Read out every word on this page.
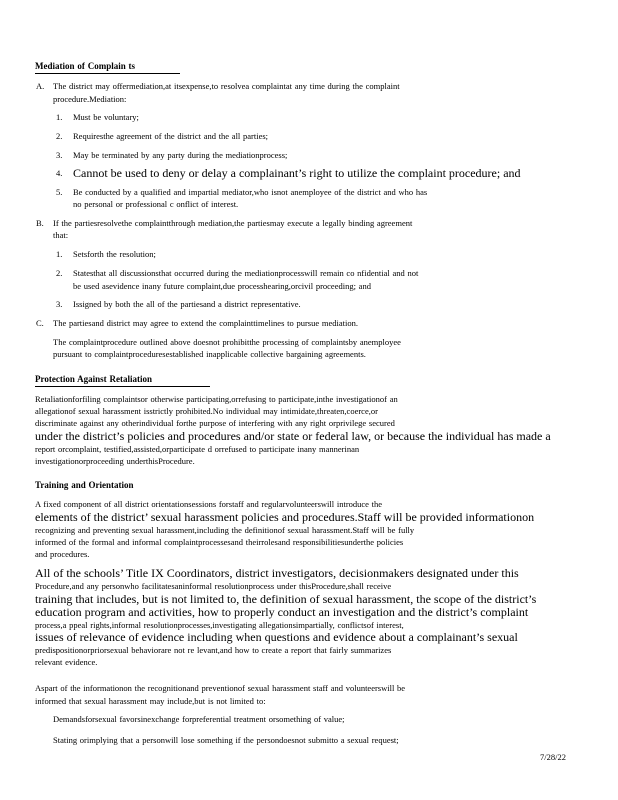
Mediation of Complain ts
A. The district may offermediation,at itsexpense,to resolvea complaintat any time during the complaint
procedure.Mediation:
1. Must be voluntary;
2. Requiresthe agreement of the district and the all parties;
3. May be terminated by any party during the mediationprocess;
4. Cannot be used to deny or delay a complainant’s right to utilize the complaint procedure; and
5. Be conducted by a qualified and impartial mediator,who isnot anemployee of the district and who has
no personal or professional c onflict of interest.
B. If the partiesresolvethe complaintthrough mediation,the partiesmay execute a legally binding agreement
that:
1. Setsforth the resolution;
2. Statesthat all discussionsthat occurred during the mediationprocesswill remain co nfidential and not
be used asevidence inany future complaint,due processhearing,orcivil proceeding; and
3. Issigned by both the all of the partiesand a district representative.
C. The partiesand district may agree to extend the complainttimelines to pursue mediation.
The complaintprocedure outlined above doesnot prohibitthe processing of complaintsby anemployee
pursuant to complaintproceduresestablished inapplicable collective bargaining agreements.
Protection Against Retaliation
Retaliationforfiling complaintsor otherwise participating,orrefusing to participate,inthe investigationof an
allegationof sexual harassment isstrictly prohibited.No individual may intimidate,threaten,coerce,or
discriminate against any otherindividual forthe purpose of interfering with any right orprivilege secured
under the district’s policies and procedures and/or state or federal law, or because the individual has made a
report orcomplaint, testified,assisted,orparticipate d orrefused to participate inany mannerinan
investigationorproceeding underthisProcedure.
Training and Orientation
A fixed component of all district orientationsessions forstaff and regularvolunteerswill introduce the
elements of the district’ sexual harassment policies and procedures.Staff will be provided informationon
recognizing and preventing sexual harassment,including the definitionof sexual harassment.Staff will be fully
informed of the formal and informal complaintprocessesand theirrolesand responsibilitiesunderthe policies
and procedures.
All of the schools’ Title IX Coordinators, district investigators, decisionmakers designated under this
Procedure,and any personwho facilitatesaninformal resolutionprocess under thisProcedure,shall receive
training that includes, but is not limited to, the definition of sexual harassment, the scope of the district’s
education program and activities, how to properly conduct an investigation and the district’s complaint
process,a ppeal rights,informal resolutionprocesses,investigating allegationsimpartially, conflictsof interest,
issues of relevance of evidence including when questions and evidence about a complainant’s sexual
predispositionorpriorsexual behaviorare not re levant,and how to create a report that fairly summarizes
relevant evidence.
Aspart of the informationon the recognitionand preventionof sexual harassment staff and volunteerswill be
informed that sexual harassment may include,but is not limited to:
Demandsforsexual favorsinexchange forpreferential treatment orsomething of value;
Stating orimplying that a personwill lose something if the persondoesnot submitto a sexual request;
7/28/22
